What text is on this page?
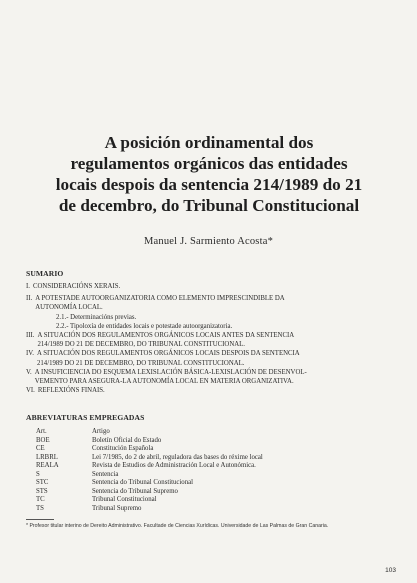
A posición ordinamental dos
regulamentos orgánicos das entidades
locais despois da sentencia 214/1989 do 21
de decembro, do Tribunal Constitucional
Manuel J. Sarmiento Acosta*
SUMARIO
I. CONSIDERACIÓNS XERAIS.
II. A POTESTADE AUTOORGANIZATORIA COMO ELEMENTO IMPRESCINDIBLE DA
AUTONOMÍA LOCAL.
2.1.- Determinacións previas.
2.2.- Tipoloxía de entidades locais e potestade autoorganizatoria.
III. A SITUACIÓN DOS REGULAMENTOS ORGÁNICOS LOCAIS ANTES DA SENTENCIA
214/1989 DO 21 DE DECEMBRO, DO TRIBUNAL CONSTITUCIONAL.
IV. A SITUACIÓN DOS REGULAMENTOS ORGÁNICOS LOCAIS DESPOIS DA SENTENCIA
214/1989 DO 21 DE DECEMBRO, DO TRIBUNAL CONSTITUCIONAL.
V. A INSUFICIENCIA DO ESQUEMA LEXISLACIÓN BÁSICA-LEXISLACIÓN DE DESENVOL-
VEMENTO PARA ASEGURA-LA AUTONOMÍA LOCAL EN MATERIA ORGANIZATIVA.
VI. REFLEXIÓNS FINAIS.
ABREVIATURAS EMPREGADAS
Art.	Artigo
BOE	Boletín Oficial do Estado
CE	Constitución Española
LRBRL	Lei 7/1985, do 2 de abril, reguladora das bases do réxime local
REALA	Revista de Estudios de Administración Local e Autonómica.
S	Sentencia
STC	Sentencia do Tribunal Constitucional
STS	Sentencia do Tribunal Supremo
TC	Tribunal Constitucional
TS	Tribunal Supremo
* Profesor titular interino de Dereito Administrativo. Facultade de Ciencias Xurídicas. Universidade de Las Palmas de Gran Canaria.
103
